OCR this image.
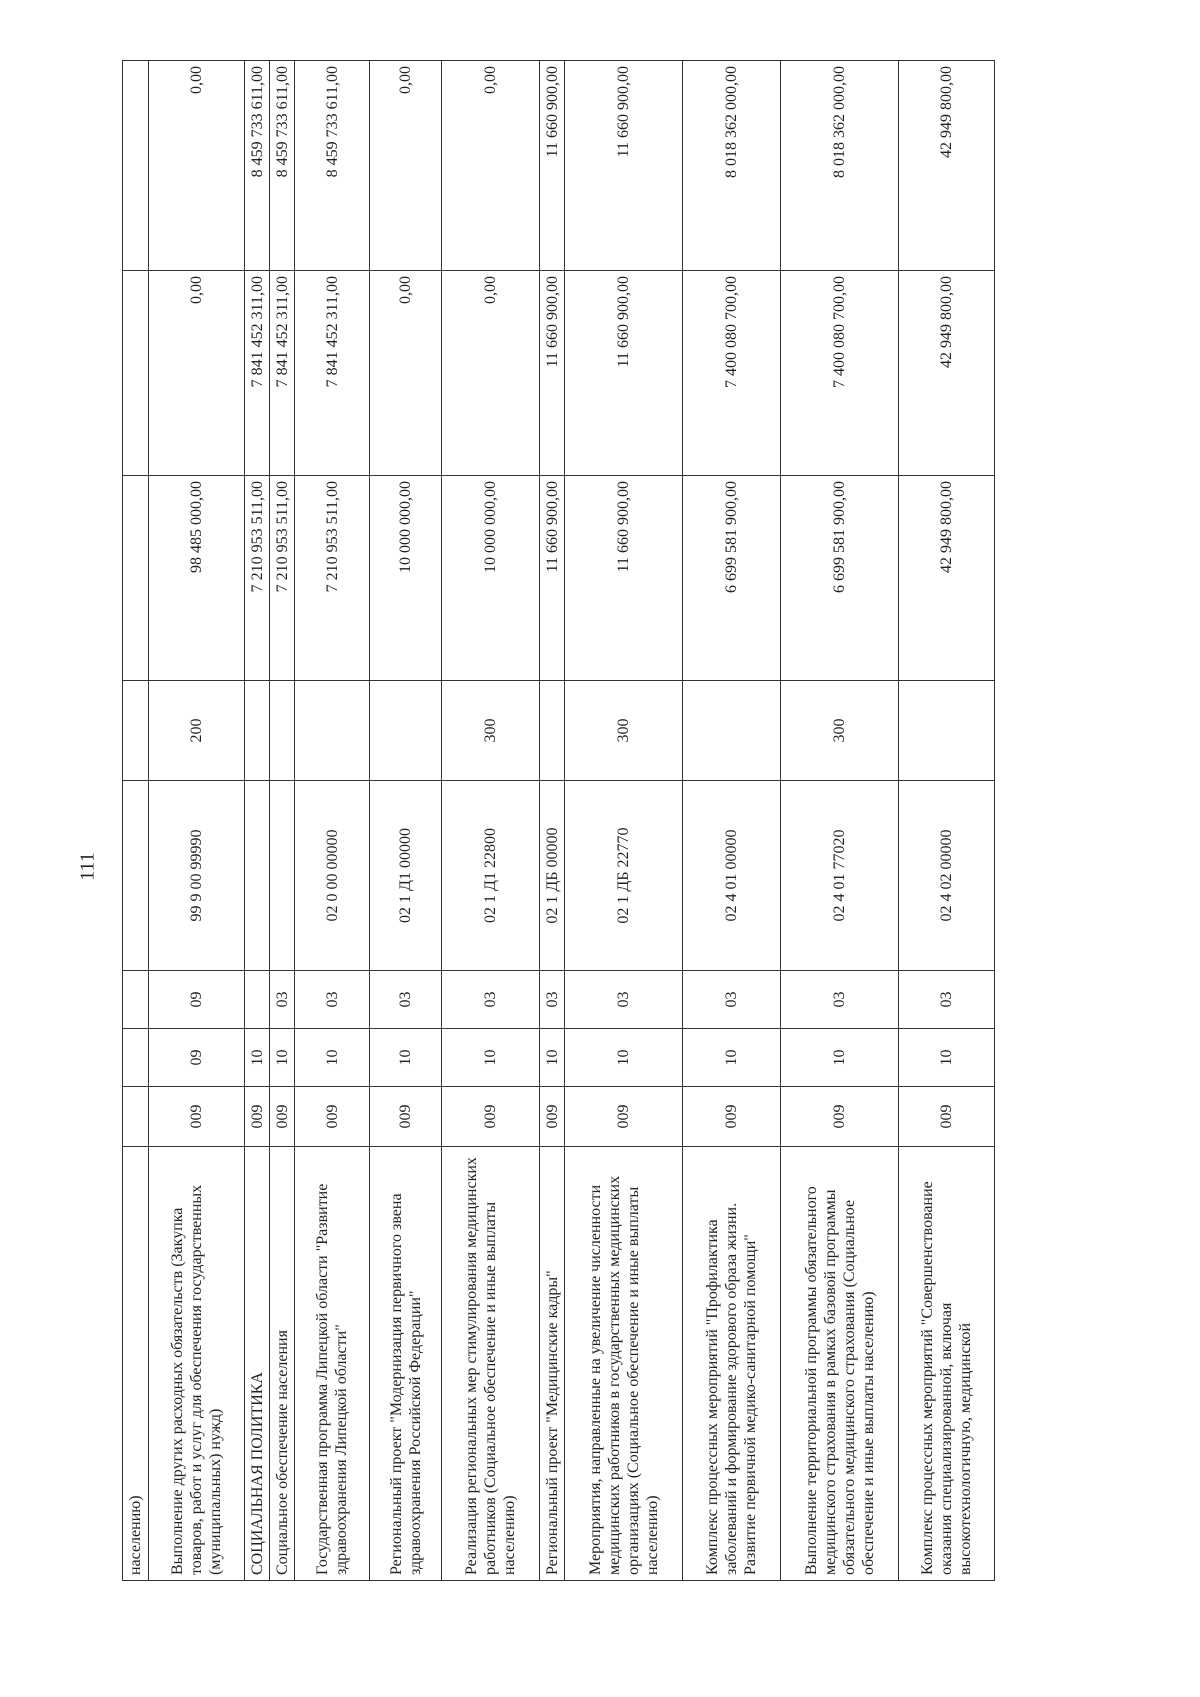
111
населению)								
Выполнение других расходных обязательств (Закупка товаров, работ и услуг для обеспечения государственных (муниципальных) нужд)	009	09	09	99 9 00 99990	200	98 485 000,00	0,00	0,00
СОЦИАЛЬНАЯ ПОЛИТИКА	009	10				7 210 953 511,00	7 841 452 311,00	8 459 733 611,00
Социальное обеспечение населения	009	10	03			7 210 953 511,00	7 841 452 311,00	8 459 733 611,00
Государственная программа Липецкой области "Развитие здравоохранения Липецкой области"	009	10	03	02 0 00 00000		7 210 953 511,00	7 841 452 311,00	8 459 733 611,00
Региональный проект "Модернизация первичного звена здравоохранения Российской Федерации"	009	10	03	02 1 Д1 00000		10 000 000,00	0,00	0,00
Реализация региональных мер стимулирования медицинских работников (Социальное обеспечение и иные выплаты населению)	009	10	03	02 1 Д1 22800	300	10 000 000,00	0,00	0,00
Региональный проект "Медицинские кадры"	009	10	03	02 1 ДБ 00000		11 660 900,00	11 660 900,00	11 660 900,00
Мероприятия, направленные на увеличение численности медицинских работников в государственных медицинских организациях (Социальное обеспечение и иные выплаты населению)	009	10	03	02 1 ДБ 22770	300	11 660 900,00	11 660 900,00	11 660 900,00
Комплекс процессных мероприятий "Профилактика заболеваний и формирование здорового образа жизни. Развитие первичной медико-санитарной помощи"	009	10	03	02 4 01 00000		6 699 581 900,00	7 400 080 700,00	8 018 362 000,00
Выполнение территориальной программы обязательного медицинского страхования в рамках базовой программы обязательного медицинского страхования (Социальное обеспечение и иные выплаты населению)	009	10	03	02 4 01 77020	300	6 699 581 900,00	7 400 080 700,00	8 018 362 000,00
Комплекс процессных мероприятий "Совершенствование оказания специализированной, включая высокотехнологичную, медицинской	009	10	03	02 4 02 00000		42 949 800,00	42 949 800,00	42 949 800,00
